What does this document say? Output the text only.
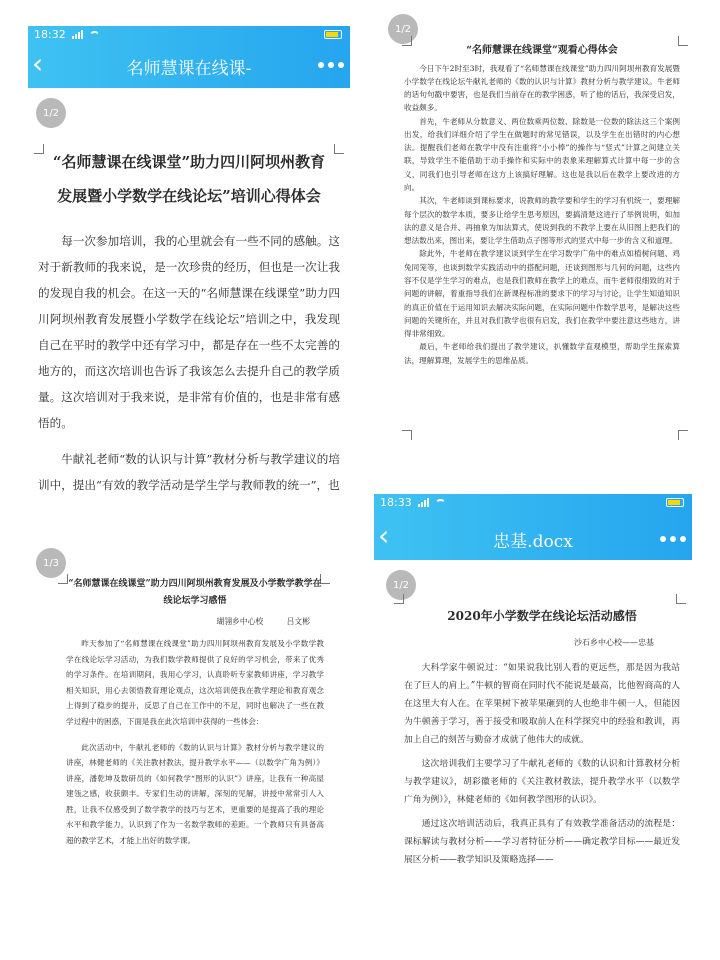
18:32
‹	名师慧课在线课-
1/2
“名师慧课在线课堂”助力四川阿坝州教育发展暨小学数学在线论坛”培训心得体会

每一次参加培训，我的心里就会有一些不同的感触。这对于新教师的我来说，是一次珍贵的经历，但也是一次让我的发现自我的机会。在这一天的“名师慧课在线课堂”助力四川阿坝州教育发展暨小学数学在线论坛”培训之中，我发现自己在平时的教学中还有学习中，都是存在一些不太完善的地方的，而这次培训也告诉了我该怎么去提升自己的教学质量。这次培训对于我来说，是非常有价值的，也是非常有感悟的。

牛献礼老师“数的认识与计算”教材分析与教学建议的培训中，提出“有效的教学活动是学生学与教师教的统一”，也

1/2
“名师慧课在线课堂”观看心得体会

今日下午2时至3时，我观看了“名师慧课在线课堂”助力四川阿坝州教育发展暨小学数学在线论坛牛献礼老师的《数的认识与计算》教材分析与教学建议。牛老师的话句句戳中要害，也是我们当前存在的教学困惑，听了他的话后，我深受启发，收益颇多。

首先，牛老师从分数意义、两位数乘两位数、除数是一位数的除法这三个案例出发，给我们详细介绍了学生在做题时的常见错误，以及学生在出错时的内心想法。提醒我们老师在教学中没有注重将“小小棒”的操作与“竖式”计算之间建立关联，导致学生不能借助于动手操作和实际中的表象来理解算式计算中每一步的含义，同我们也引导老师在这方上该搞好理解。这也是我以后在教学上要改进的方向。

其次，牛老师谈到课标要求，说教师的教学要和学生的学习有机统一，要理解每个层次的数学本质，要多让给学生思考原因，要搞清楚这进行了举例说明，如加法的意义是合并、再抽象为加法算式，使说到我的不教学上要在从旧图上把我们的想法数出来，图出来，要让学生借助点子图等形式的竖式中每一步的含义和道理。

除此外，牛老师在教学建议谈到学生在学习数学广角中的难点如植树问题、鸡兔同笼等，也谈到数学实践活动中的搭配问题，还谈到图形与几何的问题，这些内容不仅是学生学习的难点，也是我们教师在教学上的难点，而牛老师很细致的对于问题的讲解，着重指导我们在新课程标准的要求下的学习与讨论，让学生知道知识的真正价值在于运用知识去解决实际问题，在实际问题中作数学思考，是解决这些问题的关键所在，并且对我们教学也很有启发，我们在教学中要注意这些地方，讲得非常细致。

最后，牛老师给我们提出了教学建议，扒懂数学直观模型，帮助学生探索算法，理解算理，发展学生的思维品质。

1/3
“名师慧课在线课堂”助力四川阿坝州教育发展及小学数学教学在线论坛学习感悟
瑚翎乡中心校　　　吕文彬

昨天参加了“名师慧课在线课堂”助力四川阿坝州教育发展及小学数学教学在线论坛学习活动，为我们数学教师提供了良好的学习机会，带来了优秀的学习条件。在培训期间，我用心学习，认真聆听专家教师讲座，学习教学相关知识，用心去领悟教育理论观点，这次培训使我在教学理论和教育观念上得到了稳步的提升，反思了自己在工作中的不足，同时也解决了一些在教学过程中的困惑，下面是我在此次培训中获得的一些体会：

此次活动中，牛献礼老师的《数的认识与计算》教材分析与教学建议的讲座，林健老师的《关注教材教法，提升教学水平——（以数学广角为例）》讲座，潘乾坤及数研员的《如何教学“图形的认识”》讲座，让我有一种高屋建瓴之感，收获颇丰。专家们生动的讲解，深刻的见解，讲授中常常引人入胜，让我不仅感受到了数学教学的技巧与艺术，更重要的是提高了我的理论水平和教学能力，认识到了作为一名数学教师的差距。一个教师只有具备高超的教学艺术，才能上出好的数学课。

18:33
‹	忠基.docx
1/2
2020年小学数学在线论坛活动感悟
沙石乡中心校——忠基

大科学家牛顿说过：“如果说我比别人看的更远些，那是因为我站在了巨人的肩上。”牛顿的智商在同时代不能说是最高，比他智商高的人在这里大有人在。在苹果树下被苹果砸到的人也绝非牛顿一人，但能因为牛顿善于学习，善于接受和吸取前人在科学探究中的经验和教训，再加上自己的刻苦与勤奋才成就了他伟大的成就。

这次培训我们主要学习了牛献礼老师的《数的认识和计算教材分析与教学建议》，胡彩徽老师的《关注教材教法，提升教学水平（以数学广角为例）》，林健老师的《如何教学图形的认识》。

通过这次培训活动后，我真正具有了有效教学准备活动的流程是：课标解读与教材分析——学习者特征分析——确定教学目标——最近发展区分析——教学知识及策略选择——
